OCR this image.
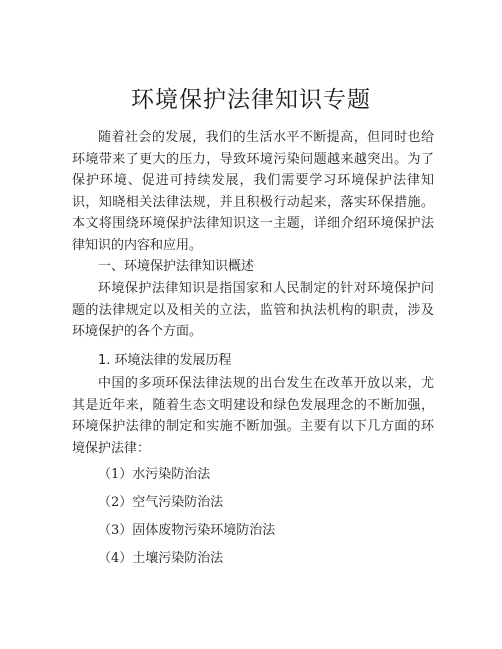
环境保护法律知识专题
随着社会的发展，我们的生活水平不断提高，但同时也给环境带来了更大的压力，导致环境污染问题越来越突出。为了保护环境、促进可持续发展，我们需要学习环境保护法律知识，知晓相关法律法规，并且积极行动起来，落实环保措施。本文将围绕环境保护法律知识这一主题，详细介绍环境保护法律知识的内容和应用。
一、环境保护法律知识概述
环境保护法律知识是指国家和人民制定的针对环境保护问题的法律规定以及相关的立法，监管和执法机构的职责，涉及环境保护的各个方面。
1. 环境法律的发展历程
中国的多项环保法律法规的出台发生在改革开放以来，尤其是近年来，随着生态文明建设和绿色发展理念的不断加强，环境保护法律的制定和实施不断加强。主要有以下几方面的环境保护法律：
（1）水污染防治法
（2）空气污染防治法
（3）固体废物污染环境防治法
（4）土壤污染防治法
